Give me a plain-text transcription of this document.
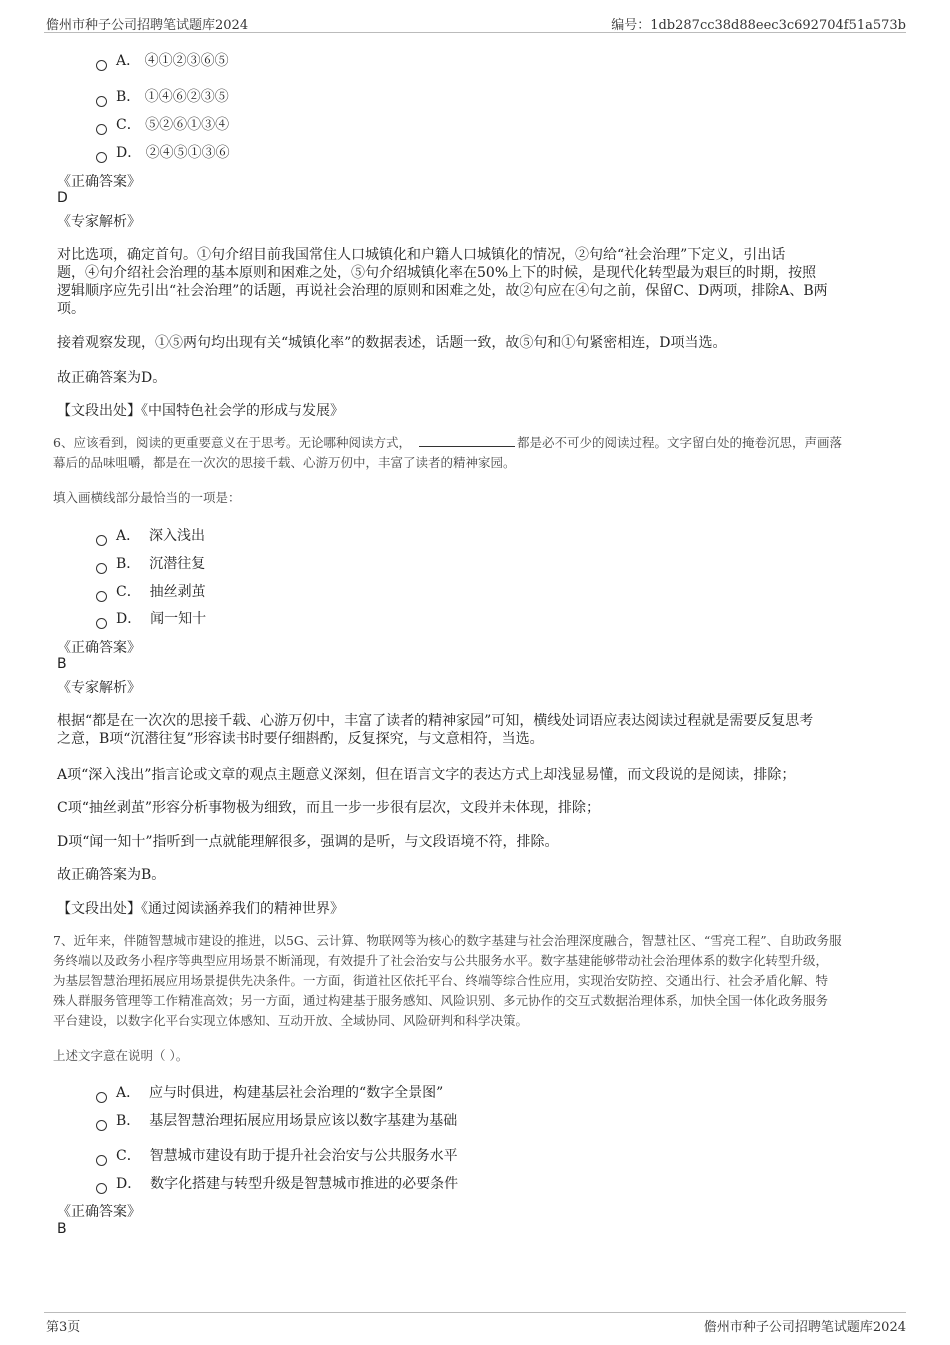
儋州市种子公司招聘笔试题库2024	编号：1db287cc38d88eec3c692704f51a573b
A． ④①②③⑥⑤
B． ①④⑥②③⑤
C． ⑤②⑥①③④
D． ②④⑤①③⑥
《正确答案》
D
《专家解析》
对比选项，确定首句。①句介绍目前我国常住人口城镇化和户籍人口城镇化的情况，②句给“社会治理”下定义，引出话
题，④句介绍社会治理的基本原则和困难之处，⑤句介绍城镇化率在50%上下的时候，是现代化转型最为艰巨的时期，按照
逻辑顺序应先引出“社会治理”的话题，再说社会治理的原则和困难之处，故②句应在④句之前，保留C、D两项，排除A、B两
项。
接着观察发现，①⑤两句均出现有关“城镇化率”的数据表述，话题一致，故⑤句和①句紧密相连，D项当选。
故正确答案为D。
【文段出处】《中国特色社会学的形成与发展》
6、应该看到，阅读的更重要意义在于思考。无论哪种阅读方式，	都是必不可少的阅读过程。文字留白处的掩卷沉思，声画落
幕后的品味咀嚼，都是在一次次的思接千载、心游万仞中，丰富了读者的精神家园。
填入画横线部分最恰当的一项是：
A． 深入浅出
B． 沉潜往复
C． 抽丝剥茧
D． 闻一知十
《正确答案》
B
《专家解析》
根据“都是在一次次的思接千载、心游万仞中，丰富了读者的精神家园”可知，横线处词语应表达阅读过程就是需要反复思考
之意，B项“沉潜往复”形容读书时要仔细斟酌，反复探究，与文意相符，当选。
A项“深入浅出”指言论或文章的观点主题意义深刻，但在语言文字的表达方式上却浅显易懂，而文段说的是阅读，排除；
C项“抽丝剥茧”形容分析事物极为细致，而且一步一步很有层次，文段并未体现，排除；
D项“闻一知十”指听到一点就能理解很多，强调的是听，与文段语境不符，排除。
故正确答案为B。
【文段出处】《通过阅读涵养我们的精神世界》
7、近年来，伴随智慧城市建设的推进，以5G、云计算、物联网等为核心的数字基建与社会治理深度融合，智慧社区、“雪亮工程”、自助政务服
务终端以及政务小程序等典型应用场景不断涌现，有效提升了社会治安与公共服务水平。数字基建能够带动社会治理体系的数字化转型升级，
为基层智慧治理拓展应用场景提供先决条件。一方面，街道社区依托平台、终端等综合性应用，实现治安防控、交通出行、社会矛盾化解、特
殊人群服务管理等工作精准高效；另一方面，通过构建基于服务感知、风险识别、多元协作的交互式数据治理体系，加快全国一体化政务服务
平台建设，以数字化平台实现立体感知、互动开放、全域协同、风险研判和科学决策。
上述文字意在说明（ ）。
A． 应与时俱进，构建基层社会治理的“数字全景图”
B． 基层智慧治理拓展应用场景应该以数字基建为基础
C． 智慧城市建设有助于提升社会治安与公共服务水平
D． 数字化搭建与转型升级是智慧城市推进的必要条件
《正确答案》
B
第3页	儋州市种子公司招聘笔试题库2024
